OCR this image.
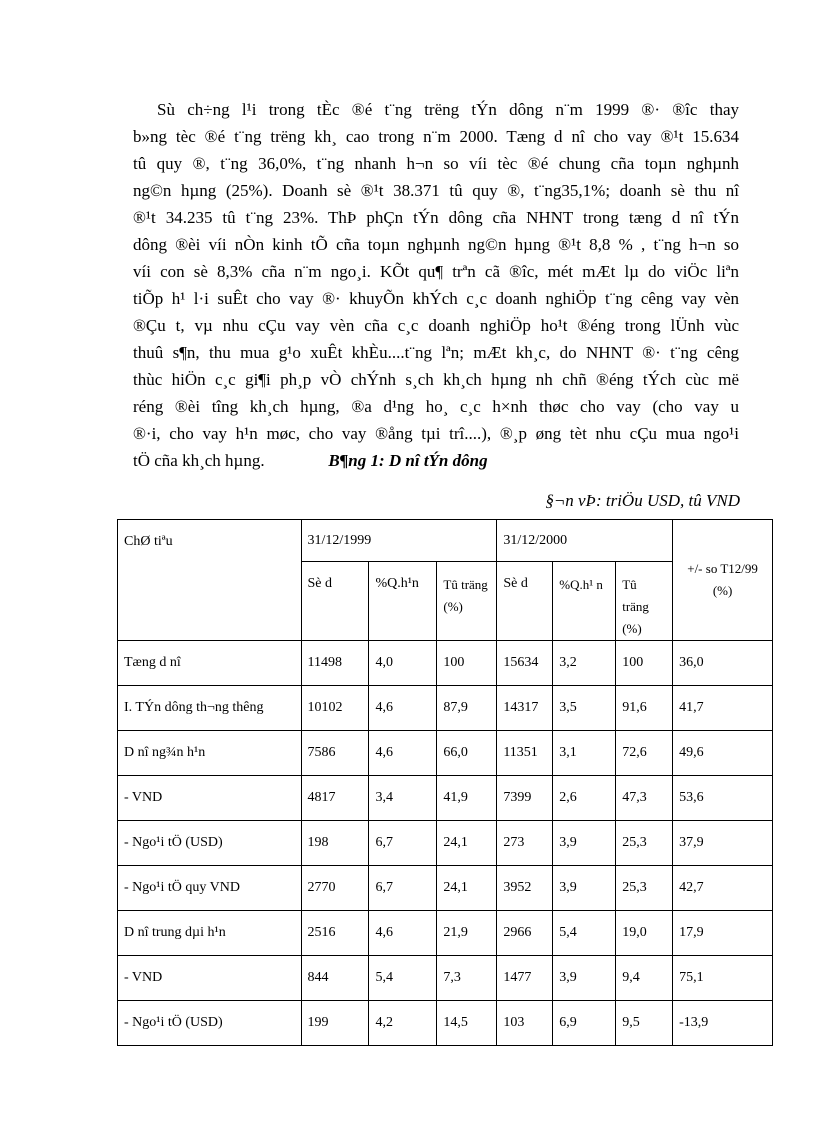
Sù ch÷ng l¹i trong tÈc ®é t¨ng trëng tÝn dông n¨m 1999 ®· ®îc thay
b»ng tèc ®é t¨ng trëng kh¸ cao trong n¨m 2000. Tæng d nî cho vay ®¹t 15.634
tû quy ®, t¨ng 36,0%, t¨ng nhanh h¬n so víi tèc ®é chung cña toµn nghµnh
ng©n hµng (25%). Doanh sè ®¹t 38.371 tû quy ®, t¨ng35,1%; doanh sè thu nî
®¹t 34.235 tû t¨ng 23%. ThÞ phÇn tÝn dông cña NHNT trong tæng d nî tÝn
dông ®èi víi nÒn kinh tÕ cña toµn nghµnh ng©n hµng ®¹t 8,8 % , t¨ng h¬n so
víi con sè 8,3% cña n¨m ngo¸i. KÕt qu¶ trªn cã ®îc, mét mÆt lµ do viÖc liªn
tiÕp h¹ l·i suÊt cho vay ®· khuyÕn khÝch c¸c doanh nghiÖp t¨ng cêng vay vèn
®Çu t, vµ nhu cÇu vay vèn cña c¸c doanh nghiÖp ho¹t ®éng trong lÜnh vùc
thuû s¶n, thu mua g¹o xuÊt khÈu....t¨ng lªn; mÆt kh¸c, do NHNT ®· t¨ng cêng
thùc hiÖn c¸c gi¶i ph¸p vÒ chÝnh s¸ch kh¸ch hµng nh chñ ®éng tÝch cùc më
réng ®èi tîng kh¸ch hµng, ®a d¹ng ho¸ c¸c h×nh thøc cho vay (cho vay u
®·i, cho vay h¹n møc, cho vay ®ång tµi trî....), ®¸p øng tèt nhu cÇu mua ngo¹i
tÖ cña kh¸ch hµng.	B¶ng 1: D nî tÝn dông
§¬n vÞ: triÖu USD, tû VND
ChØ tiªu	31/12/1999			31/12/2000			+/- so T12/99 (%)
	Sè d	%Q.h¹n	Tû träng (%)	Sè d	%Q.h¹ n	Tû träng (%)	
Tæng d nî	11498	4,0	100	15634	3,2	100	36,0
I. TÝn dông th¬ng thêng	10102	4,6	87,9	14317	3,5	91,6	41,7
D nî ng¾n h¹n	7586	4,6	66,0	11351	3,1	72,6	49,6
- VND	4817	3,4	41,9	7399	2,6	47,3	53,6
- Ngo¹i tÖ (USD)	198	6,7	24,1	273	3,9	25,3	37,9
- Ngo¹i tÖ quy VND	2770	6,7	24,1	3952	3,9	25,3	42,7
D nî trung dµi h¹n	2516	4,6	21,9	2966	5,4	19,0	17,9
- VND	844	5,4	7,3	1477	3,9	9,4	75,1
- Ngo¹i tÖ (USD)	199	4,2	14,5	103	6,9	9,5	-13,9
